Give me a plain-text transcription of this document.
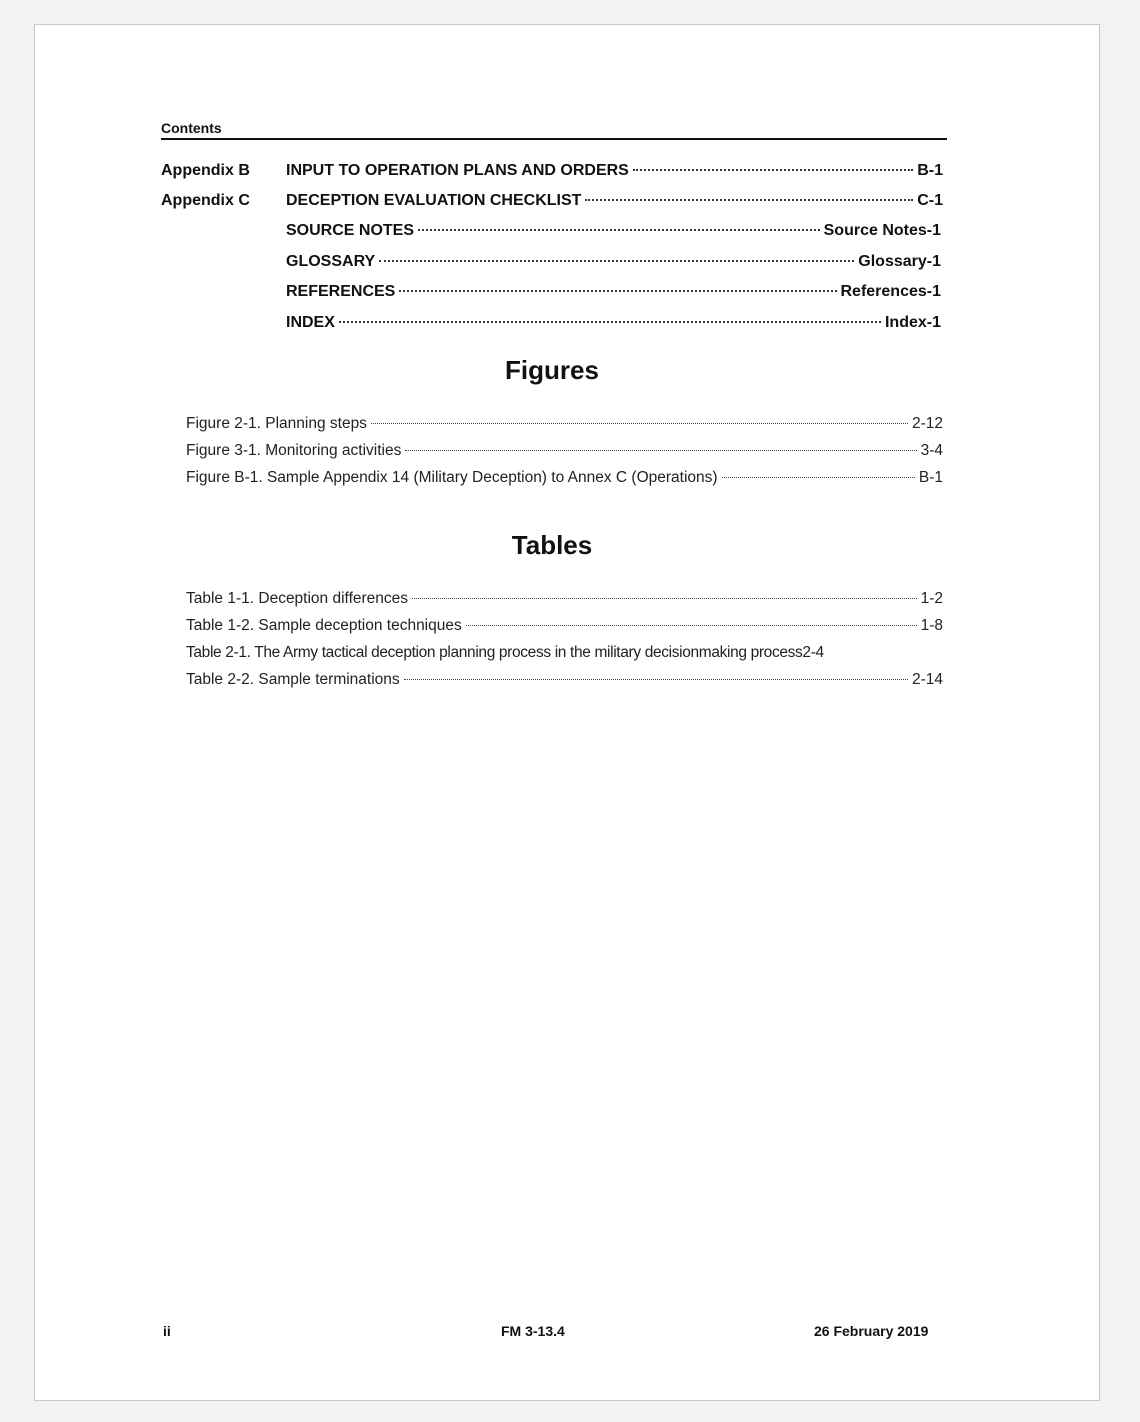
Contents
Appendix B	INPUT TO OPERATION PLANS AND ORDERS	B-1
Appendix C	DECEPTION EVALUATION CHECKLIST	C-1
SOURCE NOTES	Source Notes-1
GLOSSARY	Glossary-1
REFERENCES	References-1
INDEX	Index-1
Figures
Figure 2-1. Planning steps	2-12
Figure 3-1. Monitoring activities	3-4
Figure B-1. Sample Appendix 14 (Military Deception) to Annex C (Operations)	B-1
Tables
Table 1-1. Deception differences	1-2
Table 1-2. Sample deception techniques	1-8
Table 2-1. The Army tactical deception planning process in the military decisionmaking process 2-4
Table 2-2. Sample terminations	2-14
ii	FM 3-13.4	26 February 2019
